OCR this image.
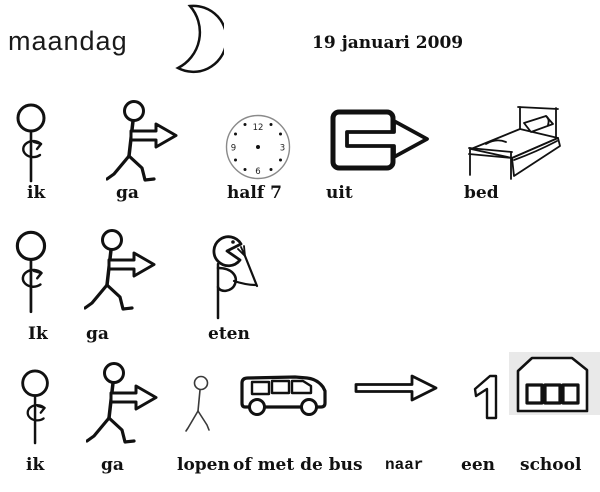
maandag	19 januari 2009
ik	ga
12
3
6
9
half 7	uit	bed
Ik ga	eten
ik	ga	lopen of met de bus naar een school
